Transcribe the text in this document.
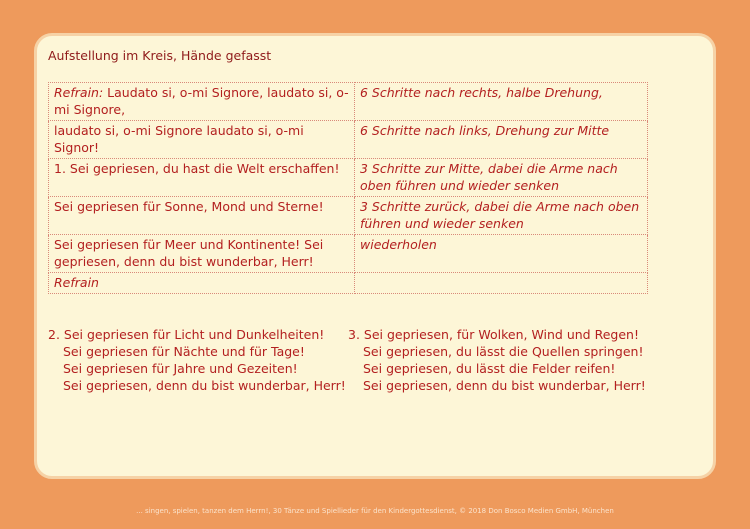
Aufstellung im Kreis, Hände gefasst
Refrain: Laudato si, o-mi Signore, laudato si, o-mi Signore,	6 Schritte nach rechts, halbe Drehung,
laudato si, o-mi Signore laudato si, o-mi Signor!	6 Schritte nach links, Drehung zur Mitte
1. Sei gepriesen, du hast die Welt erschaffen!	3 Schritte zur Mitte, dabei die Arme nach oben führen und wieder senken
Sei gepriesen für Sonne, Mond und Sterne!	3 Schritte zurück, dabei die Arme nach oben führen und wieder senken
Sei gepriesen für Meer und Kontinente! Sei gepriesen, denn du bist wunderbar, Herr!	wiederholen
Refrain	
2. Sei gepriesen für Licht und Dunkelheiten!
Sei gepriesen für Nächte und für Tage!
Sei gepriesen für Jahre und Gezeiten!
Sei gepriesen, denn du bist wunderbar, Herr!
3. Sei gepriesen, für Wolken, Wind und Regen!
Sei gepriesen, du lässt die Quellen springen!
Sei gepriesen, du lässt die Felder reifen!
Sei gepriesen, denn du bist wunderbar, Herr!
... singen, spielen, tanzen dem Herrn!, 30 Tänze und Spiellieder für den Kindergottesdienst, © 2018 Don Bosco Medien GmbH, München
